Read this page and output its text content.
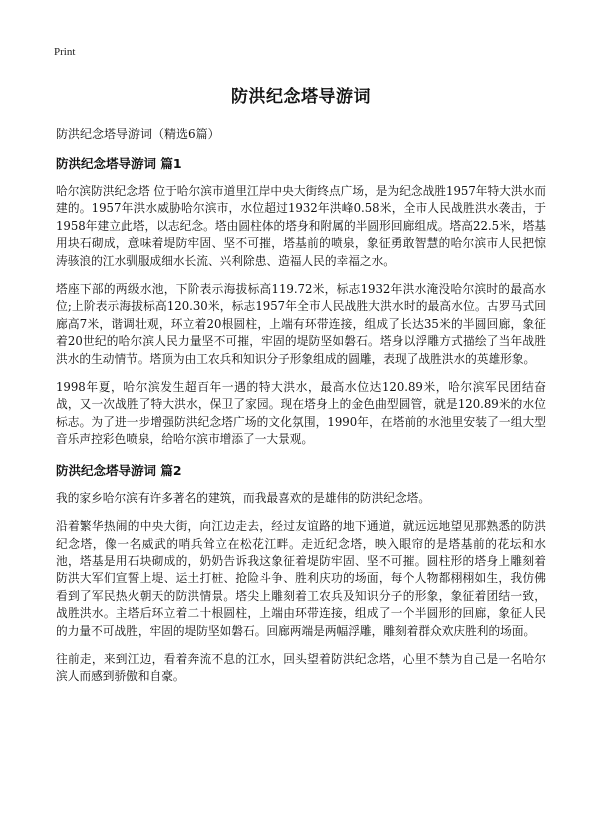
Print
防洪纪念塔导游词
防洪纪念塔导游词（精选6篇）
防洪纪念塔导游词 篇1

哈尔滨防洪纪念塔 位于哈尔滨市道里江岸中央大街终点广场，是为纪念战胜1957年特大洪水而建的。1957年洪水威胁哈尔滨市，水位超过1932年洪峰0.58米，全市人民战胜洪水袭击，于1958年建立此塔，以志纪念。塔由圆柱体的塔身和附属的半圆形回廊组成。塔高22.5米，塔基用块石砌成，意味着堤防牢固、坚不可摧，塔基前的喷泉，象征勇敢智慧的哈尔滨市人民把惊涛骇浪的江水驯服成细水长流、兴利除患、造福人民的幸福之水。

塔座下部的两级水池，下阶表示海拔标高119.72米，标志1932年洪水淹没哈尔滨时的最高水位;上阶表示海拔标高120.30米，标志1957年全市人民战胜大洪水时的最高水位。古罗马式回廊高7米，谐调壮观，环立着20根圆柱，上端有环带连接，组成了长达35米的半圆回廊，象征着20世纪的哈尔滨人民力量坚不可摧，牢固的堤防坚如磐石。塔身以浮雕方式描绘了当年战胜洪水的生动情节。塔顶为由工农兵和知识分子形象组成的圆雕，表现了战胜洪水的英雄形象。

1998年夏，哈尔滨发生超百年一遇的特大洪水，最高水位达120.89米，哈尔滨军民团结奋战，又一次战胜了特大洪水，保卫了家园。现在塔身上的金色曲型圆管，就是120.89米的水位标志。为了进一步增强防洪纪念塔广场的文化氛围，1990年，在塔前的水池里安装了一组大型音乐声控彩色喷泉，给哈尔滨市增添了一大景观。

防洪纪念塔导游词 篇2

我的家乡哈尔滨有许多著名的建筑，而我最喜欢的是雄伟的防洪纪念塔。

沿着繁华热闹的中央大街，向江边走去，经过友谊路的地下通道，就远远地望见那熟悉的防洪纪念塔，像一名威武的哨兵耸立在松花江畔。走近纪念塔，映入眼帘的是塔基前的花坛和水池，塔基是用石块砌成的，奶奶告诉我这象征着堤防牢固、坚不可摧。圆柱形的塔身上雕刻着防洪大军们宣誓上堤、运土打桩、抢险斗争、胜利庆功的场面，每个人物都栩栩如生，我仿佛看到了军民热火朝天的防洪情景。塔尖上雕刻着工农兵及知识分子的形象，象征着团结一致，战胜洪水。主塔后环立着二十根圆柱，上端由环带连接，组成了一个半圆形的回廊，象征人民的力量不可战胜，牢固的堤防坚如磐石。回廊两端是两幅浮雕，雕刻着群众欢庆胜利的场面。

往前走，来到江边，看着奔流不息的江水，回头望着防洪纪念塔，心里不禁为自己是一名哈尔滨人而感到骄傲和自豪。
